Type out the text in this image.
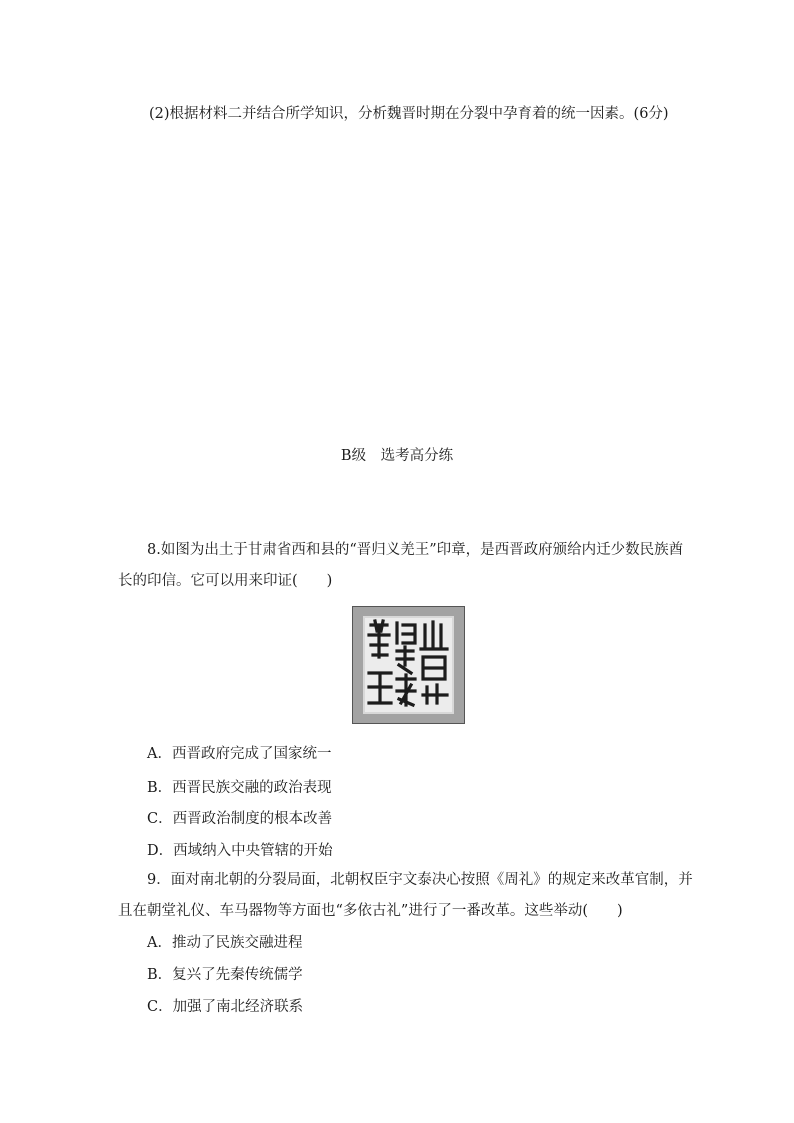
(2)根据材料二并结合所学知识，分析魏晋时期在分裂中孕育着的统一因素。(6分)
B级　选考高分练
8.如图为出土于甘肃省西和县的“晋归义羌王”印章，是西晋政府颁给内迁少数民族酋
长的印信。它可以用来印证(　　)
A．西晋政府完成了国家统一
B．西晋民族交融的政治表现
C．西晋政治制度的根本改善
D．西域纳入中央管辖的开始
9．面对南北朝的分裂局面，北朝权臣宇文泰决心按照《周礼》的规定来改革官制，并
且在朝堂礼仪、车马器物等方面也“多依古礼”进行了一番改革。这些举动(　　)
A．推动了民族交融进程
B．复兴了先秦传统儒学
C．加强了南北经济联系
